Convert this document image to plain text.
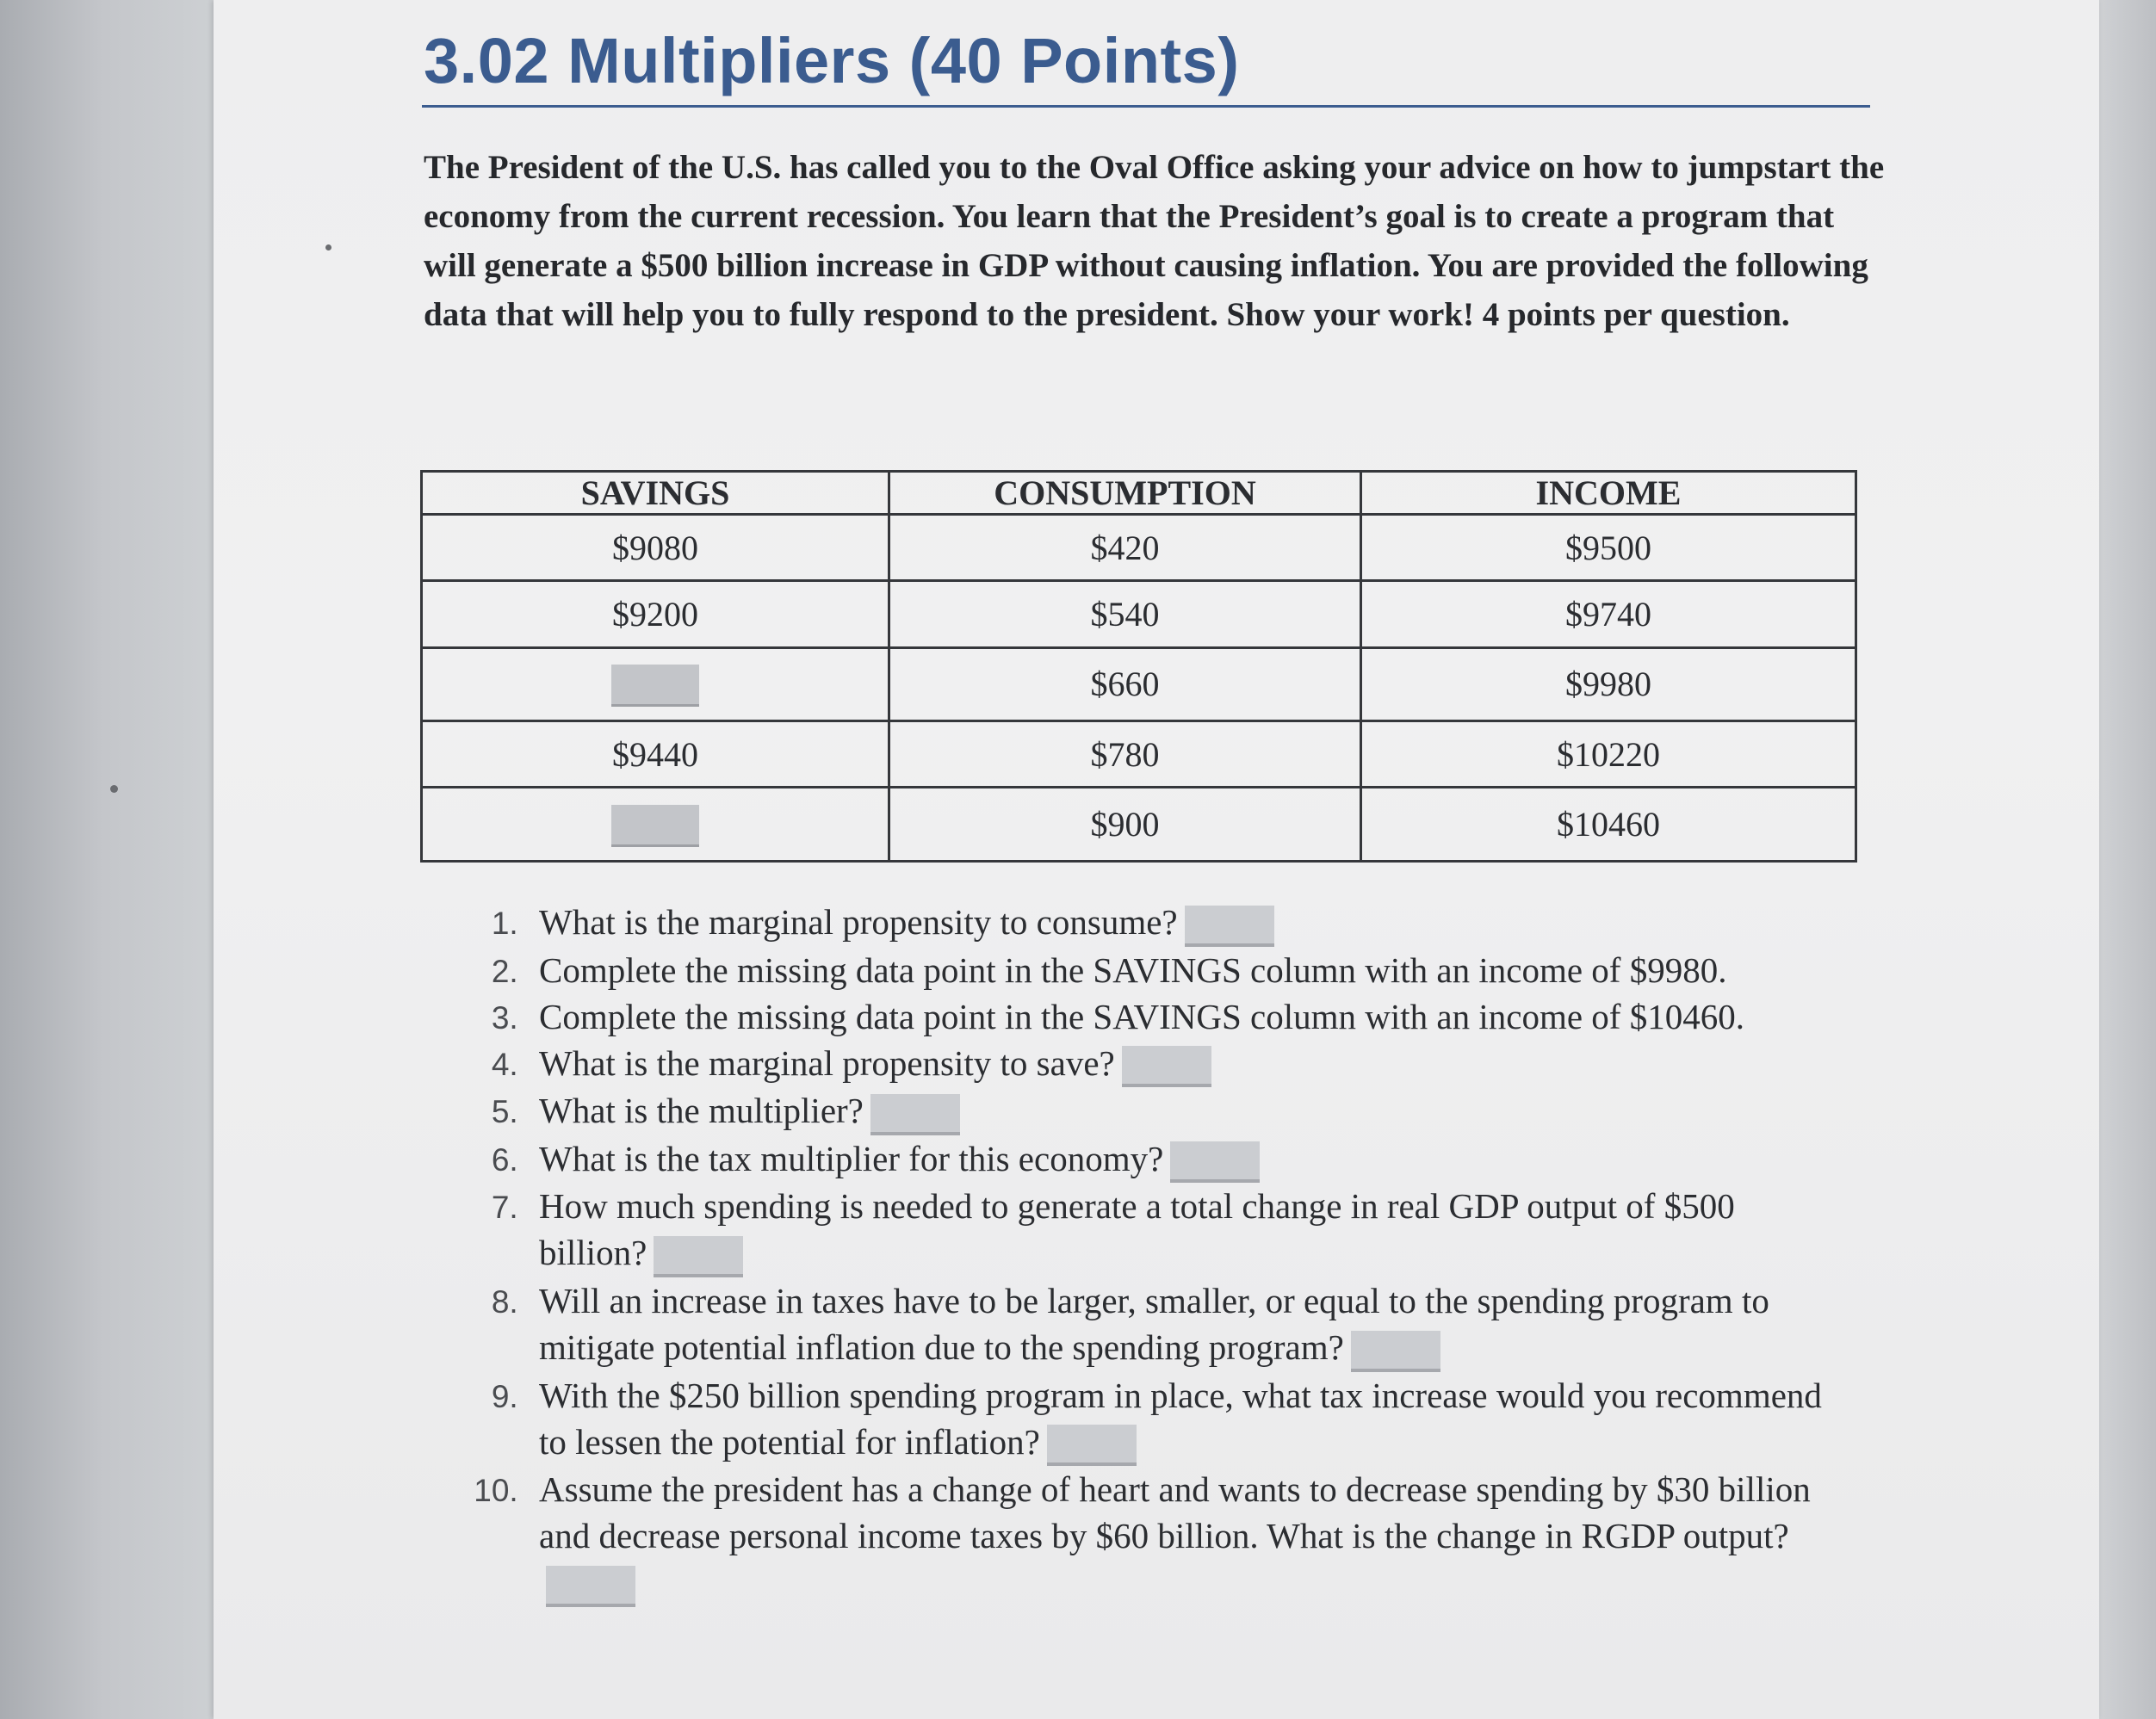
3.02 Multipliers (40 Points)

The President of the U.S. has called you to the Oval Office asking your advice on how to jumpstart the economy from the current recession. You learn that the President’s goal is to create a program that will generate a $500 billion increase in GDP without causing inflation. You are provided the following data that will help you to fully respond to the president. Show your work! 4 points per question.

SAVINGS	CONSUMPTION	INCOME
$9080	$420	$9500
$9200	$540	$9740
	$660	$9980
$9440	$780	$10220
	$900	$10460
1. What is the marginal propensity to consume?
2. Complete the missing data point in the SAVINGS column with an income of $9980.
3. Complete the missing data point in the SAVINGS column with an income of $10460.
4. What is the marginal propensity to save?
5. What is the multiplier?
6. What is the tax multiplier for this economy?
7. How much spending is needed to generate a total change in real GDP output of $500 billion?
8. Will an increase in taxes have to be larger, smaller, or equal to the spending program to mitigate potential inflation due to the spending program?
9. With the $250 billion spending program in place, what tax increase would you recommend to lessen the potential for inflation?
10. Assume the president has a change of heart and wants to decrease spending by $30 billion and decrease personal income taxes by $60 billion. What is the change in RGDP output?
